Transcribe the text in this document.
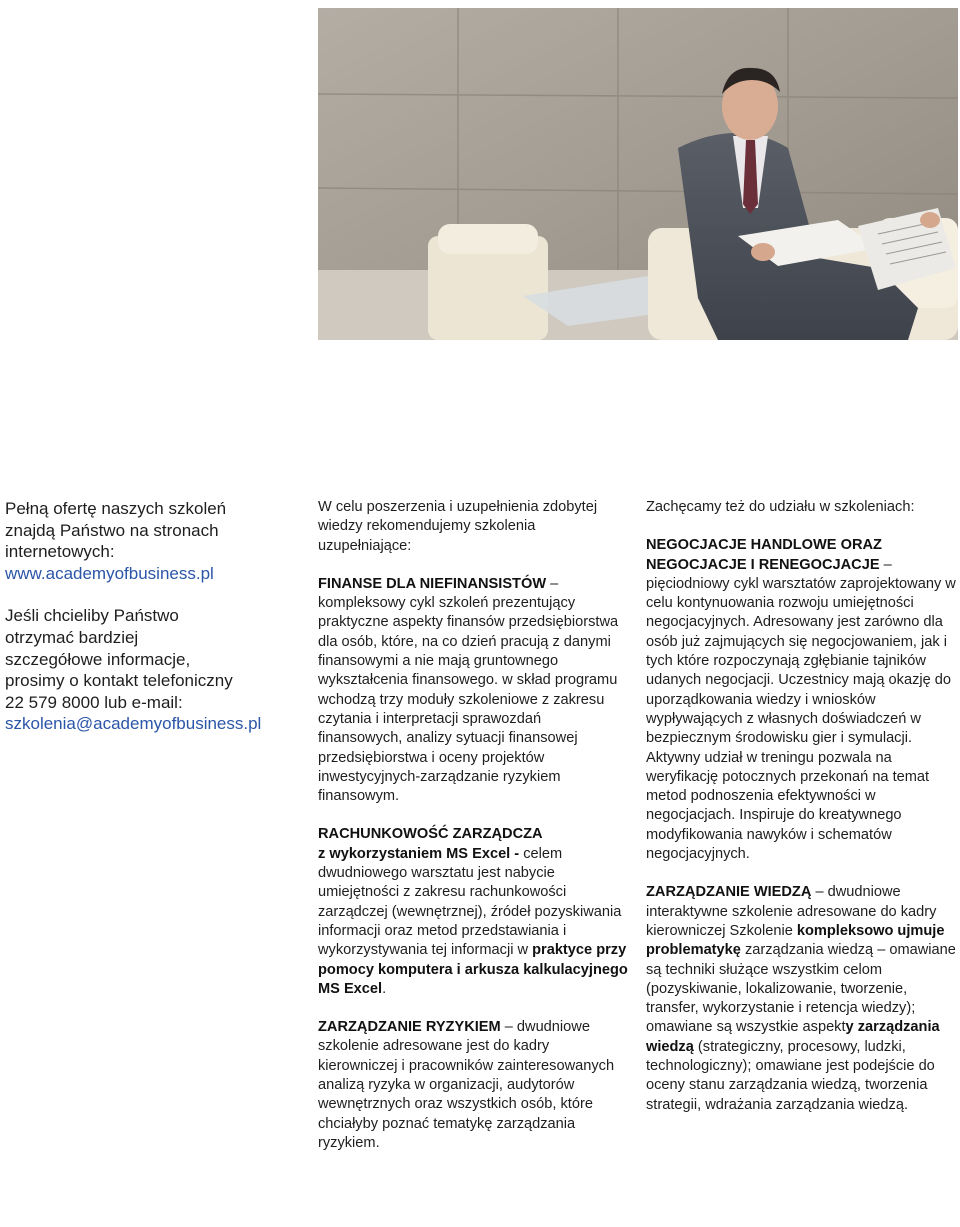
Pełną ofertę naszych szkoleń

znajdą Państwo na stronach

internetowych:

www.academyofbusiness.pl

Jeśli chcieliby Państwo

otrzymać bardziej

szczegółowe informacje,

prosimy o kontakt telefoniczny

22 579 8000 lub e-mail:

szkolenia@academyofbusiness.pl

W celu poszerzenia i uzupełnienia zdobytej wiedzy rekomendujemy szkolenia uzupełniające:

FINANSE DLA NIEFINANSISTÓW – kompleksowy cykl szkoleń prezentujący praktyczne aspekty finansów przedsiębiorstwa dla osób, które, na co dzień pracują z danymi finansowymi a nie mają gruntownego wykształcenia finansowego. w skład programu wchodzą trzy moduły szkoleniowe z zakresu czytania i interpretacji sprawozdań finansowych, analizy sytuacji finansowej przedsiębiorstwa i oceny projektów inwestycyjnych-zarządzanie ryzykiem finansowym.

RACHUNKOWOŚĆ ZARZĄDCZA
z wykorzystaniem MS Excel - celem dwudniowego warsztatu jest nabycie umiejętności z zakresu rachunkowości zarządczej (wewnętrznej), źródeł pozyskiwania informacji oraz metod przedstawiania i wykorzystywania tej informacji w praktyce przy pomocy komputera i arkusza kalkulacyjnego MS Excel.

ZARZĄDZANIE RYZYKIEM – dwudniowe szkolenie adresowane jest do kadry kierowniczej i pracowników zainteresowanych analizą ryzyka w organizacji, audytorów wewnętrznych oraz wszystkich osób, które chciałyby poznać tematykę zarządzania ryzykiem.

Zachęcamy też do udziału w szkoleniach:

NEGOCJACJE HANDLOWE ORAZ NEGOCJACJE I RENEGOCJACJE – pięciodniowy cykl warsztatów zaprojektowany w celu kontynuowania rozwoju umiejętności negocjacyjnych. Adresowany jest zarówno dla osób już zajmujących się negocjowaniem, jak i tych które rozpoczynają zgłębianie tajników udanych negocjacji. Uczestnicy mają okazję do uporządkowania wiedzy i wniosków wypływających z własnych doświadczeń w bezpiecznym środowisku gier i symulacji. Aktywny udział w treningu pozwala na weryfikację potocznych przekonań na temat metod podnoszenia efektywności w negocjacjach. Inspiruje do kreatywnego modyfikowania nawyków i schematów negocjacyjnych.

ZARZĄDZANIE WIEDZĄ – dwudniowe interaktywne szkolenie adresowane do kadry kierowniczej Szkolenie kompleksowo ujmuje problematykę zarządzania wiedzą – omawiane są techniki służące wszystkim celom (pozyskiwanie, lokalizowanie, tworzenie, transfer, wykorzystanie i retencja wiedzy); omawiane są wszystkie aspekty zarządzania wiedzą (strategiczny, procesowy, ludzki, technologiczny); omawiane jest podejście do oceny stanu zarządzania wiedzą, tworzenia strategii, wdrażania zarządzania wiedzą.
